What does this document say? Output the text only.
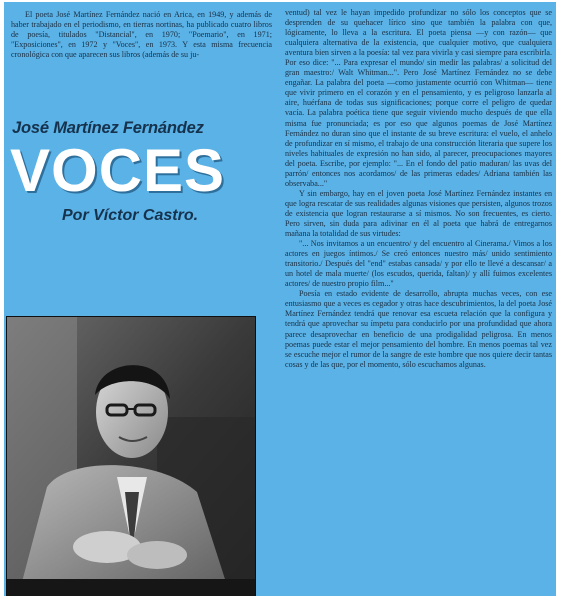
El poeta José Martínez Fernández nació en Arica, en 1949, y además de haber trabajado en el periodismo, en tierras nortinas, ha publicado cuatro libros de poesía, titulados "Distancial", en 1970; "Poemario", en 1971; "Exposiciones", en 1972 y "Voces", en 1973. Y esta misma frecuencia cronológica con que aparecen sus libros (además de su ju-

José Martínez Fernández
VOCES
Por Víctor Castro.

ventud) tal vez le hayan impedido profundizar no sólo los conceptos que se desprenden de su quehacer lírico sino que también la palabra con que, lógicamente, lo lleva a la escritura. El poeta piensa —y con razón— que cualquiera alternativa de la existencia, que cualquier motivo, que cualquiera aventura bien sirven a la poesía: tal vez para vivirla y casi siempre para escribirla. Por eso dice: "... Para expresar el mundo/ sin medir las palabras/ a solicitud del gran maestro:/ Walt Whitman...". Pero José Martínez Fernández no se debe engañar. La palabra del poeta —como justamente ocurrió con Whitman— tiene que vivir primero en el corazón y en el pensamiento, y es peligroso lanzarla al aire, huérfana de todas sus significaciones; porque corre el peligro de quedar vacía. La palabra poética tiene que seguir viviendo mucho después de que ella misma fue pronunciada; es por eso que algunos poemas de José Martínez Fernández no duran sino que el instante de su breve escritura: el vuelo, el anhelo de profundizar en sí mismo, el trabajo de una construcción literaria que supere los niveles habituales de expresión no han sido, al parecer, preocupaciones mayores del poeta. Escribe, por ejemplo: "... En el fondo del patio maduran/ las uvas del parrón/ entonces nos acordamos/ de las primeras edades/ Adriana también las observaba..."

Y sin embargo, hay en el joven poeta José Martínez Fernández instantes en que logra rescatar de sus realidades algunas visiones que persisten, algunos trozos de existencia que logran restaurarse a sí mismos. No son frecuentes, es cierto. Pero sirven, sin duda para adivinar en él al poeta que habrá de entregarnos mañana la totalidad de sus virtudes:

"... Nos invitamos a un encuentro/ y del encuentro al Cinerama./ Vimos a los actores en juegos íntimos./ Se creó entonces nuestro más/ unido sentimiento transitorio./ Después del "end" estabas cansada/ y por ello te llevé a descansar/ a un hotel de mala muerte/ (los escudos, querida, faltan)/ y allí fuimos excelentes actores/ de nuestro propio film..."

Poesía en estado evidente de desarrollo, abrupta muchas veces, con ese entusiasmo que a veces es cegador y otras hace descubrimientos, la del poeta José Martínez Fernández tendrá que renovar esa escueta relación que la configura y tendrá que aprovechar su ímpetu para conducirlo por una profundidad que ahora parece desaprovechar en beneficio de una prodigalidad peligrosa. En menos poemas puede estar el mejor pensamiento del hombre. En menos poemas tal vez se escuche mejor el rumor de la sangre de este hombre que nos quiere decir tantas cosas y de las que, por el momento, sólo escuchamos algunas.
